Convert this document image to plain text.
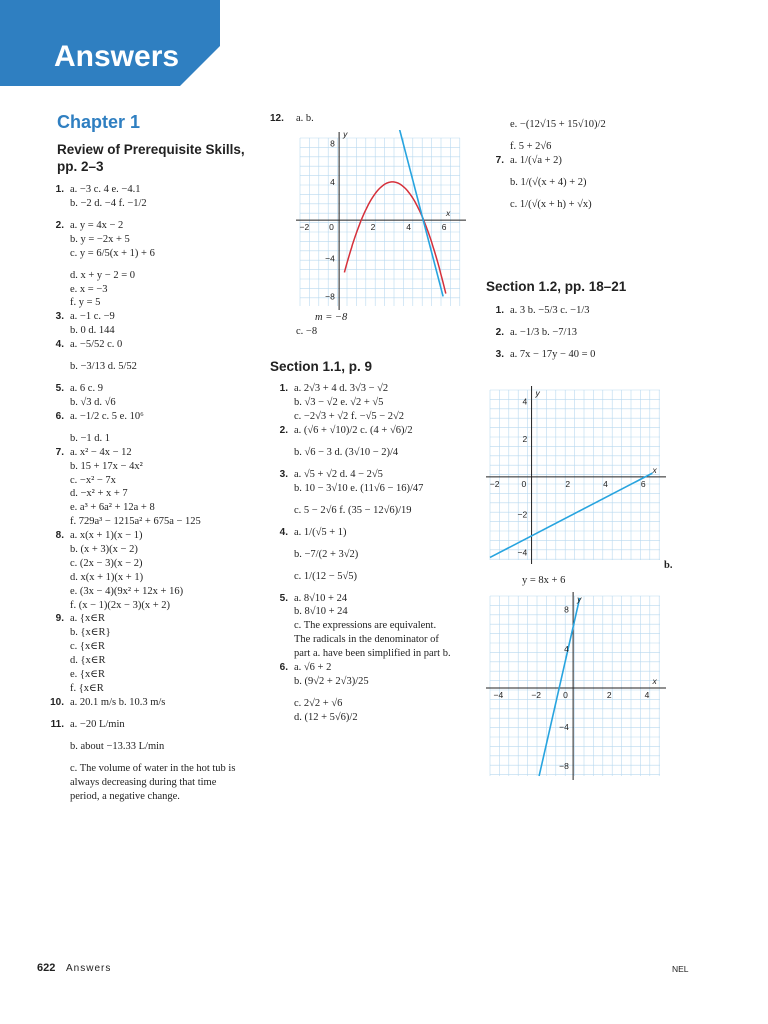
Answers
Chapter 1
Review of Prerequisite Skills,
pp. 2–3
1. a. −3 c. 4 e. −4.1
b. −2 d. −4 f. −1/2
2. a. y = 4x − 2
b. y = −2x + 5
c. y = 6/5(x + 1) + 6
d. x + y − 2 = 0
e. x = −3
f. y = 5
3. a. −1 c. −9
b. 0 d. 144
4. a. −5/52 c. 0
b. −3/13 d. 5/52
5. a. 6 c. 9
b. √3 d. √6
6. a. −1/2 c. 5 e. 10⁶
b. −1 d. 1
7. a. x² − 4x − 12
b. 15 + 17x − 4x²
c. −x² − 7x
d. −x² + x + 7
e. a³ + 6a² + 12a + 8
f. 729a³ − 1215a² + 675a − 125
8. a. x(x + 1)(x − 1)
b. (x + 3)(x − 2)
c. (2x − 3)(x − 2)
d. x(x + 1)(x + 1)
e. (3x − 4)(9x² + 12x + 16)
f. (x − 1)(2x − 3)(x + 2)
9. a. {x∈R
b. {x∈R}
c. {x∈R
d. {x∈R
e. {x∈R
f. {x∈R
10. a. 20.1 m/s b. 10.3 m/s
11. a. −20 L/min
b. about −13.33 L/min
c. The volume of water in the hot tub is
always decreasing during that time
period, a negative change.
12. a. b.
−2	2	4	6
0
8
4
−4
−8
x
y
m = −8
c. −8
Section 1.1, p. 9
1. a. 2√3 + 4 d. 3√3 − √2
b. √3 − √2 e. √2 + √5
c. −2√3 + √2 f. −√5 − 2√2
2. a. (√6 + √10)/2 c. (4 + √6)/2
b. √6 − 3 d. (3√10 − 2)/4
3. a. √5 + √2 d. 4 − 2√5
b. 10 − 3√10 e. (11√6 − 16)/47
c. 5 − 2√6 f. (35 − 12√6)/19
4. a. 1/(√5 + 1)
b. −7/(2 + 3√2)
c. 1/(12 − 5√5)
5. a. 8√10 + 24
b. 8√10 + 24
c. The expressions are equivalent.
The radicals in the denominator of
part a. have been simplified in part b.
6. a. √6 + 2
b. (9√2 + 2√3)/25
c. 2√2 + √6
d. (12 + 5√6)/2
e. −(12√15 + 15√10)/2
f. 5 + 2√6
7. a. 1/(√a + 2)
b. 1/(√(x + 4) + 2)
c. 1/(√(x + h) + √x)
Section 1.2, pp. 18–21
1. a. 3 b. −5/3 c. −1/3
2. a. −1/3 b. −7/13
3. a. 7x − 17y − 40 = 0
−2	2	4	6
0
4
2
−2
−4
x
y
b.
y = 8x + 6
−4	−2	2	4
0
8
4
−4
−8
x
y
622 Answers	NEL
